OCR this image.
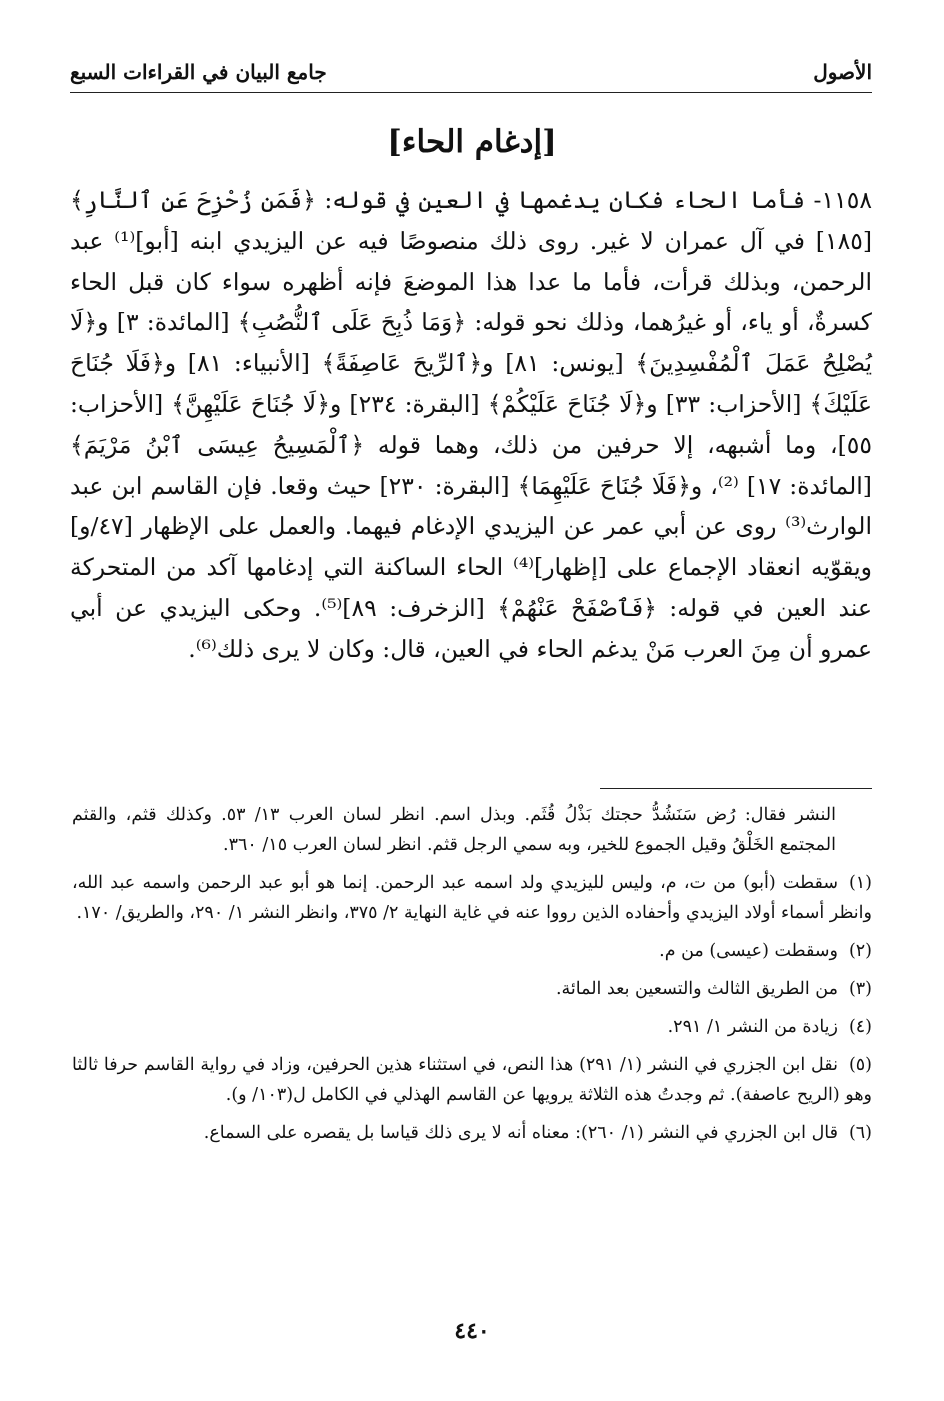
الأصول
جامع البيان في القراءات السبع
[إدغام الحاء]

١١٥٨- فأما الحاء فكان يدغمها في العين في قوله: ﴿فَمَن زُحْزِحَ عَنِ ٱلنَّارِ﴾ [١٨٥] في آل عمران لا غير. روى ذلك منصوصًا فيه عن اليزيدي ابنه [أبو]⁽¹⁾ عبد الرحمن، وبذلك قرأت، فأما ما عدا هذا الموضعَ فإنه أظهره سواء كان قبل الحاء كسرةٌ، أو ياء، أو غيرُهما، وذلك نحو قوله: ﴿وَمَا ذُبِحَ عَلَى ٱلنُّصُبِ﴾ [المائدة: ٣] و﴿لَا يُصْلِحُ عَمَلَ ٱلْمُفْسِدِينَ﴾ [يونس: ٨١] و﴿ٱلرِّيحَ عَاصِفَةً﴾ [الأنبياء: ٨١] و﴿فَلَا جُنَاحَ عَلَيْكَ﴾ [الأحزاب: ٣٣] و﴿لَا جُنَاحَ عَلَيْكُمْ﴾ [البقرة: ٢٣٤] و﴿لَا جُنَاحَ عَلَيْهِنَّ﴾ [الأحزاب: ٥٥]، وما أشبهه، إلا حرفين من ذلك، وهما قوله ﴿ٱلْمَسِيحُ عِيسَى ٱبْنُ مَرْيَمَ﴾ [المائدة: ١٧] ⁽²⁾، و﴿فَلَا جُنَاحَ عَلَيْهِمَا﴾ [البقرة: ٢٣٠] حيث وقعا. فإن القاسم ابن عبد الوارث⁽³⁾ روى عن أبي عمر عن اليزيدي الإدغام فيهما. والعمل على الإظهار [٤٧/و] ويقوّيه انعقاد الإجماع على [إظهار]⁽⁴⁾ الحاء الساكنة التي إدغامها آكد من المتحركة عند العين في قوله: ﴿فَٱصْفَحْ عَنْهُمْ﴾ [الزخرف: ٨٩]⁽⁵⁾. وحكى اليزيدي عن أبي عمرو أن مِنَ العرب مَنْ يدغم الحاء في العين، قال: وكان لا يرى ذلك⁽⁶⁾.

النشر فقال: رُض سَنَشُدُّ حجتك بَذْلُ قُثَم. وبذل اسم. انظر لسان العرب ١٣/ ٥٣. وكذلك قثم، والقثم المجتمع الخَلْقُ وقيل الجموع للخير، وبه سمي الرجل قثم. انظر لسان العرب ١٥/ ٣٦٠.

(١)سقطت (أبو) من ت، م، وليس لليزيدي ولد اسمه عبد الرحمن. إنما هو أبو عبد الرحمن واسمه عبد الله، وانظر أسماء أولاد اليزيدي وأحفاده الذين رووا عنه في غاية النهاية ٢/ ٣٧٥، وانظر النشر ١/ ٢٩٠، والطريق/ ١٧٠.

(٢)وسقطت (عيسى) من م.

(٣)من الطريق الثالث والتسعين بعد المائة.

(٤)زيادة من النشر ١/ ٢٩١.

(٥)نقل ابن الجزري في النشر (١/ ٢٩١) هذا النص، في استثناء هذين الحرفين، وزاد في رواية القاسم حرفا ثالثا وهو (الريح عاصفة). ثم وجدتُ هذه الثلاثة يرويها عن القاسم الهذلي في الكامل ل(١٠٣/ و).

(٦)قال ابن الجزري في النشر (١/ ٢٦٠): معناه أنه لا يرى ذلك قياسا بل يقصره على السماع.

٤٤٠
